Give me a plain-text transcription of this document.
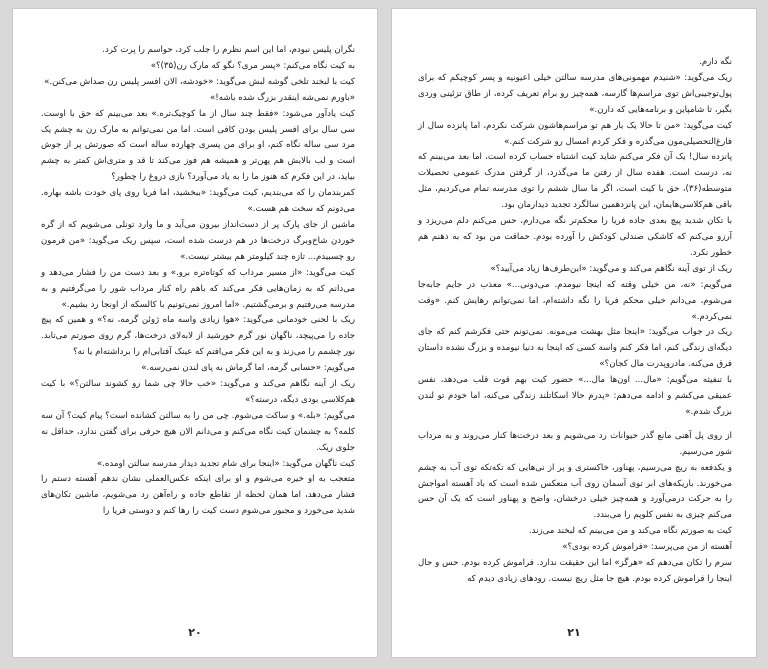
نگران پلیس نبودم، اما این اسم نظرم را جلب کرد، حواسم را پرت کرد.

به کیت نگاه می‌کنم: «پسر مری؟ نگو که مارک رن(۳۵)؟»

کیت با لبخند تلخی گوشه لبش می‌گوید: «خودشه، الان افسر پلیس رن صداش می‌کنن.»

«باورم نمی‌شه اینقدر بزرگ شده باشه!»

کیت یادآور می‌شود: «فقط چند سال از ما کوچیک‌تره.» بعد می‌بینم که حق با اوست. سی سال برای افسر پلیس بودن کافی است. اما من نمی‌توانم به مارک رن به چشم یک مرد سی ساله نگاه کنم، او برای من پسری چهارده ساله است که صورتش پر از جوش است و لب بالایش هم پهن‌تر و همیشه هم فوز می‌کند تا قد و متری‌اش کمتر به چشم بیاید، در این فکرم که هنوز ما را به یاد می‌آورد؟ بازی دروغ را چطور؟

کمربندمان را که می‌بندیم، کیت می‌گوید: «ببخشید، اما فریا روی پای خودت باشه بهاره. می‌دونم که سخت هم هست.»

ماشین از جای پارک پر از دست‌انداز بیرون می‌آید و ما وارد تونلی می‌شویم که از گره خوردن شاخ‌وبرگ درخت‌ها در هم درست شده است، سپس ریک می‌گوید: «من فرمون رو چسبیدم... تازه چند کیلومتر هم بیشتر نیست.»

کیت می‌گوید: «از مسیر مرداب که کوتاه‌تره برو.» و بعد دست من را فشار می‌دهد و می‌دانم که به زمان‌هایی فکر می‌کند که باهم راه کنار مرداب شور را می‌گرفتیم و به مدرسه می‌رفتیم و برمی‌گشتیم. «اما امروز نمی‌تونیم با کالسکه از اونجا رد بشیم.»

ریک با لحنی خودمانی می‌گوید: «هوا زیادی واسه ماه ژوئن گرمه، نه؟» و همین که پیچ جاده را می‌پیچد، ناگهان نور گرم خورشید از لابه‌لای درخت‌ها، گرم روی صورتم می‌تابد. نور چشمم را می‌زند و به این فکر می‌افتم که عینک آفتابی‌ام را برداشته‌ام یا نه؟

می‌گویم: «حسابی گرمه، اما گرماش به پای لندن نمی‌رسه.»

ریک از آینه نگاهم می‌کند و می‌گوید: «خب حالا چی شما رو کشوند سالتن؟» با کیت هم‌کلاسی بودی دیگه، درسته؟»

می‌گویم: «بله.» و ساکت می‌شوم. چی من را به سالتن کشانده است؟ پیام کیت؟ آن سه کلمه؟ به چشمان کیت نگاه می‌کنم و می‌دانم الان هیچ حرفی برای گفتن ندارد، حداقل نه جلوی ریک.

کیت ناگهان می‌گوید: «اینجا برای شام تجدید دیدار مدرسه سالتن اومده.»

متعجب به او خیره می‌شوم و او برای اینکه عکس‌العملی نشان ندهم آهسته دستم را فشار می‌دهد، اما همان لحظه از تقاطع جاده و راه‌آهن رد می‌شویم، ماشین تکان‌های شدید می‌خورد و مجبور می‌شوم دست کیت را رها کنم و دوستی فریا را

۲۰

نگه دارم.

ریک می‌گوید: «شنیدم مهمونی‌های مدرسه سالتن خیلی اعیونیه و پسر کوچیکم که برای پول‌توجیبی‌اش توی مراسم‌ها گارسه، همه‌چیز رو برام تعریف کرده، از طاق تزئینی وردی بگیر، تا شامپاین و برنامه‌هایی که دارن.»

کیت می‌گوید: «من تا حالا یک بار هم تو مراسم‌هاشون شرکت نکردم، اما پانزده سال از فارغ‌التحصیلی‌مون می‌گذره و فکر کردم امسال رو شرکت کنم.»

پانزده سال! یک آن فکر می‌کنم شاید کیت اشتباه حساب کرده است، اما بعد می‌بینم که نه، درست است. هفده سال از رفتن ما می‌گذرد، از گرفتن مدرک عمومی تحصیلات متوسطه(۳۶)، حق با کیت است، اگر ما سال ششم را توی مدرسه تمام می‌کردیم، مثل باقی هم‌کلاسی‌هایمان، این پانزدهمین سالگرد تجدید دیدارمان بود.

با تکان شدید پیچ بعدی جاده فریا را محکم‌تر نگه می‌دارم، حس می‌کنم دلم می‌ریزد و آرزو می‌کنم که کاشکی صندلی کودکش را آورده بودم. حماقت من بود که به ذهنم هم خطور نکرد.

ریک از توی آینه نگاهم می‌کند و می‌گوید: «این‌طرف‌ها زیاد می‌آیید؟»

می‌گویم: «نه، من خیلی وقته که اینجا نیومدم. می‌دونی...» معذب در جایم جابه‌جا می‌شوم، می‌دانم خیلی محکم فریا را نگه داشته‌ام، اما نمی‌توانم رهایش کنم. «وقت نمی‌کردم.»

ریک در جواب می‌گوید: «اینجا مثل بهشت می‌مونه. نمی‌تونم حتی فکرشم کنم که جای دیگه‌ای زندگی کنم، اما فکر کنم واسه کسی که اینجا به دنیا نیومده و بزرگ نشده داستان فرق می‌کنه. مادروپدرت مال کجان؟»

با تنفیثه می‌گویم: «مال... اون‌ها مال...» حضور کیت بهم قوت قلب می‌دهد، نفس عمیقی می‌کشم و ادامه می‌دهم: «پدرم حالا اسکاتلند زندگی می‌کنه، اما خودم تو لندن بزرگ شدم.»

از روی پل آهنی مانع گذر حیوانات رد می‌شویم و بعد درخت‌ها کنار می‌روند و به مرداب شور می‌رسیم.

و یکدفعه به ریچ می‌رسیم، پهناور، خاکستری و پر از نی‌هایی که تکه‌تکه توی آب به چشم می‌خورند. باریکه‌های ابر توی آسمان روی آب منعکس شده است که باد آهسته امواجش را به حرکت درمی‌آورد و همه‌چیز خیلی درخشان، واضح و پهناور است که یک آن حس می‌کنم چیزی به نفس کلوپم را می‌بندد.

کیت به صورتم نگاه می‌کند و من می‌بینم که لبخند می‌زند.

آهسته از من می‌پرسد: «فراموش کرده بودی؟»

سرم را تکان می‌دهم که «هرگز» اما این حقیقت ندارد. فراموش کرده بودم. حس و حال اینجا را فراموش کرده بودم. هیچ جا مثل ریچ نیست. رودهای زیادی دیدم که

۲۱
